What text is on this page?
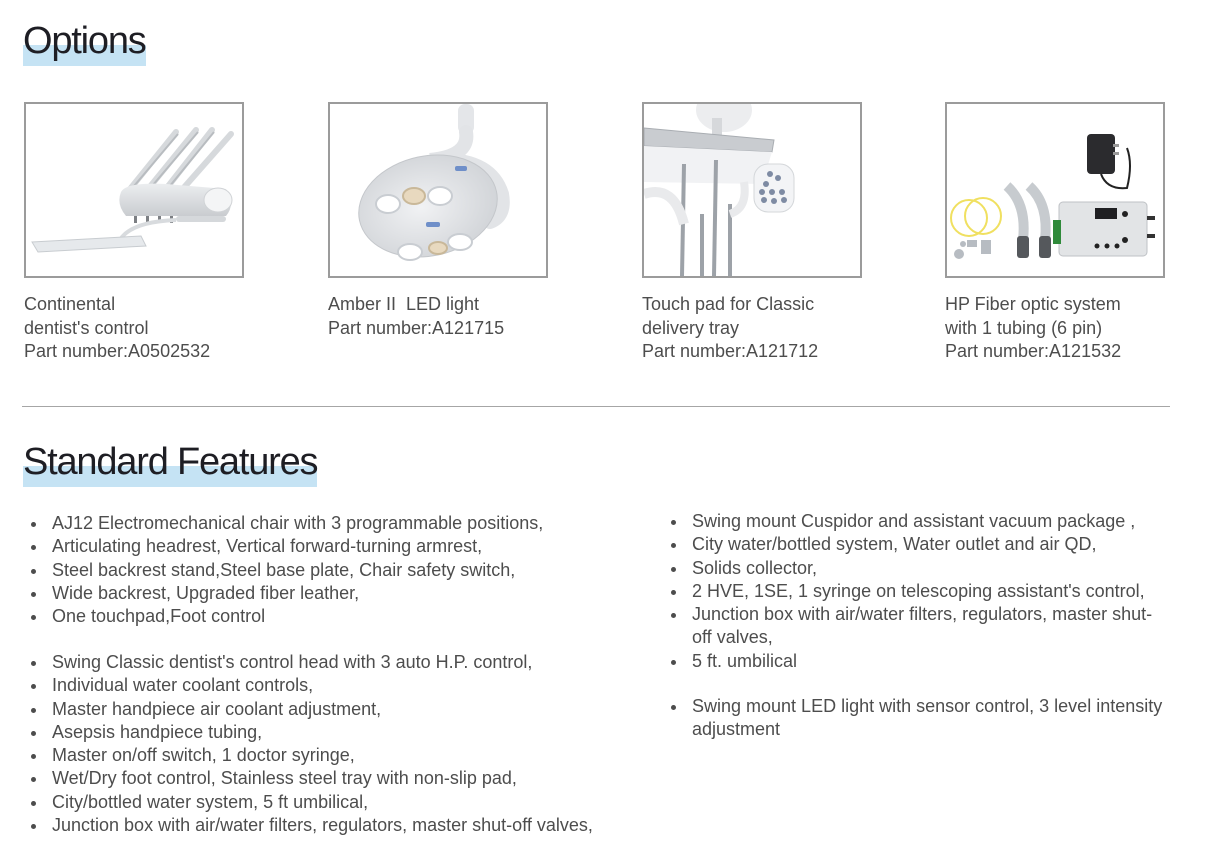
Options
Continental
dentist's control
Part number:A0502532
Amber II  LED light
Part number:A121715
Touch pad for Classic
delivery tray
Part number:A121712
HP Fiber optic system
with 1 tubing (6 pin)
Part number:A121532
Standard Features
AJ12 Electromechanical chair with 3 programmable positions,
Articulating headrest, Vertical forward-turning armrest,
Steel backrest stand,Steel base plate, Chair safety switch,
Wide backrest, Upgraded fiber leather,
One touchpad,Foot control
Swing Classic dentist's control head with 3 auto H.P. control,
Individual water coolant controls,
Master handpiece air coolant adjustment,
Asepsis handpiece tubing,
Master on/off switch, 1 doctor syringe,
Wet/Dry foot control, Stainless steel tray with non-slip pad,
City/bottled water system, 5 ft umbilical,
Junction box with air/water filters, regulators, master shut-off valves,
Swing mount Cuspidor and assistant vacuum package ,
City water/bottled system, Water outlet and air QD,
Solids collector,
2 HVE, 1SE, 1 syringe on telescoping assistant's control,
Junction box with air/water filters, regulators, master shut-off valves,
5 ft. umbilical
Swing mount LED light with sensor control, 3 level intensity adjustment
